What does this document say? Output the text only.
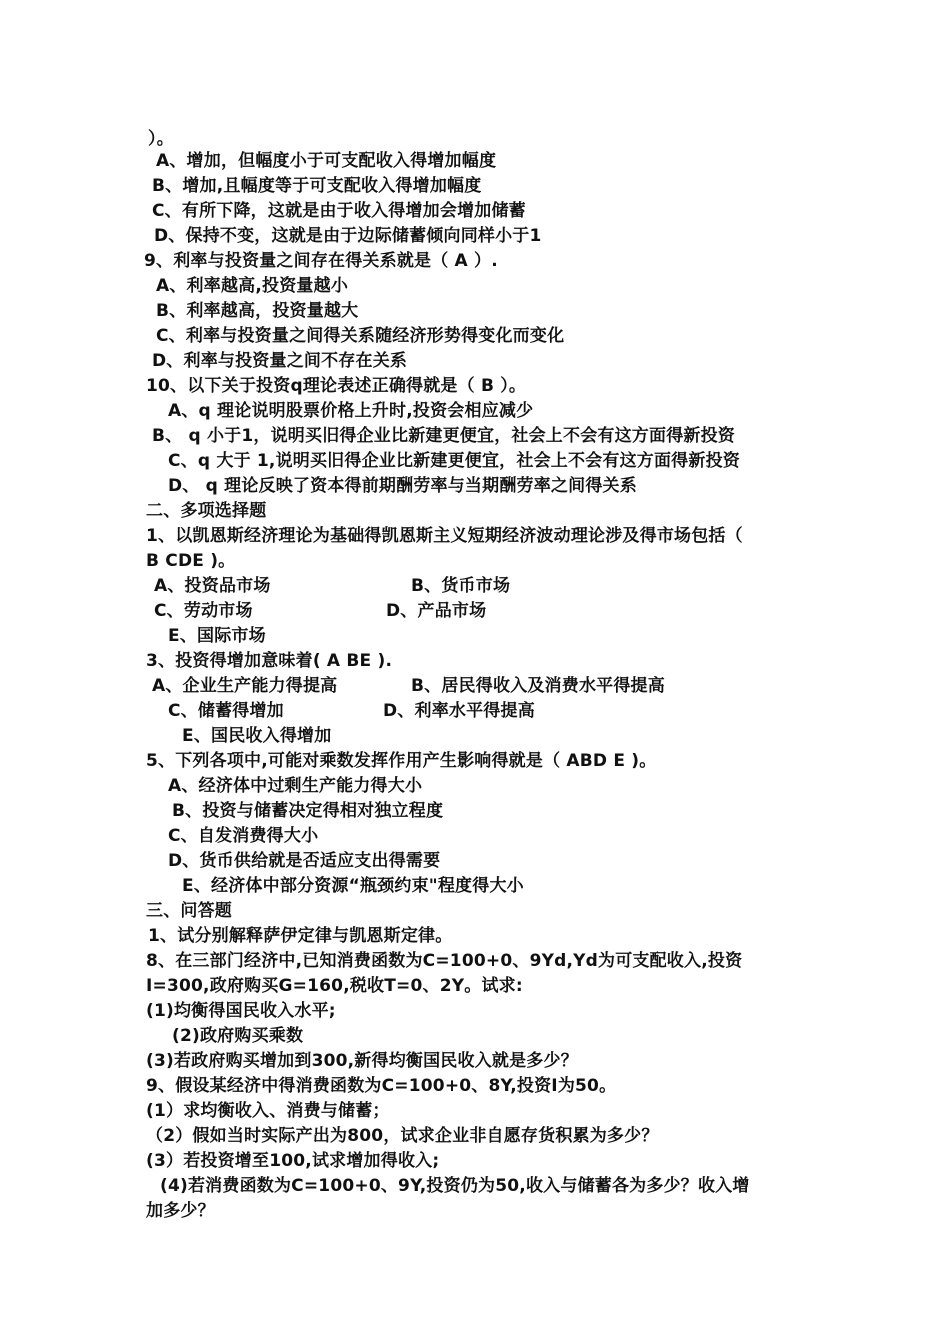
）。
A、增加，但幅度小于可支配收入得增加幅度
B、增加,且幅度等于可支配收入得增加幅度
C、有所下降，这就是由于收入得增加会增加储蓄
D、保持不变，这就是由于边际储蓄倾向同样小于1
9、利率与投资量之间存在得关系就是（ A ）.
A、利率越高,投资量越小
B、利率越高，投资量越大
C、利率与投资量之间得关系随经济形势得变化而变化
D、利率与投资量之间不存在关系
10、以下关于投资q理论表述正确得就是（ B ）。
A、q 理论说明股票价格上升时,投资会相应减少
B、 q 小于1，说明买旧得企业比新建更便宜，社会上不会有这方面得新投资
C、q 大于 1,说明买旧得企业比新建更便宜，社会上不会有这方面得新投资
D、 q 理论反映了资本得前期酬劳率与当期酬劳率之间得关系
二、多项选择题
1、以凯恩斯经济理论为基础得凯恩斯主义短期经济波动理论涉及得市场包括（
B CDE )。
A、投资品市场	B、货币市场
C、劳动市场	D、产品市场
E、国际市场
3、投资得增加意味着( A BE ).
A、企业生产能力得提高	B、居民得收入及消费水平得提高
C、储蓄得增加	D、利率水平得提高
E、国民收入得增加
5、下列各项中,可能对乘数发挥作用产生影响得就是（ ABD E )。
A、经济体中过剩生产能力得大小
B、投资与储蓄决定得相对独立程度
C、自发消费得大小
D、货币供给就是否适应支出得需要
E、经济体中部分资源“瓶颈约束"程度得大小
三、问答题
1、试分别解释萨伊定律与凯恩斯定律。
8、在三部门经济中,已知消费函数为C=100+0、9Yd,Yd为可支配收入,投资
I=300,政府购买G=160,税收T=0、2Y。试求:
(1)均衡得国民收入水平;
(2)政府购买乘数
(3)若政府购买增加到300,新得均衡国民收入就是多少？
9、假设某经济中得消费函数为C=100+0、8Y,投资I为50。
(1）求均衡收入、消费与储蓄；
（2）假如当时实际产出为800，试求企业非自愿存货积累为多少？
(3）若投资增至100,试求增加得收入;
(4)若消费函数为C=100+0、9Y,投资仍为50,收入与储蓄各为多少？收入增
加多少？
